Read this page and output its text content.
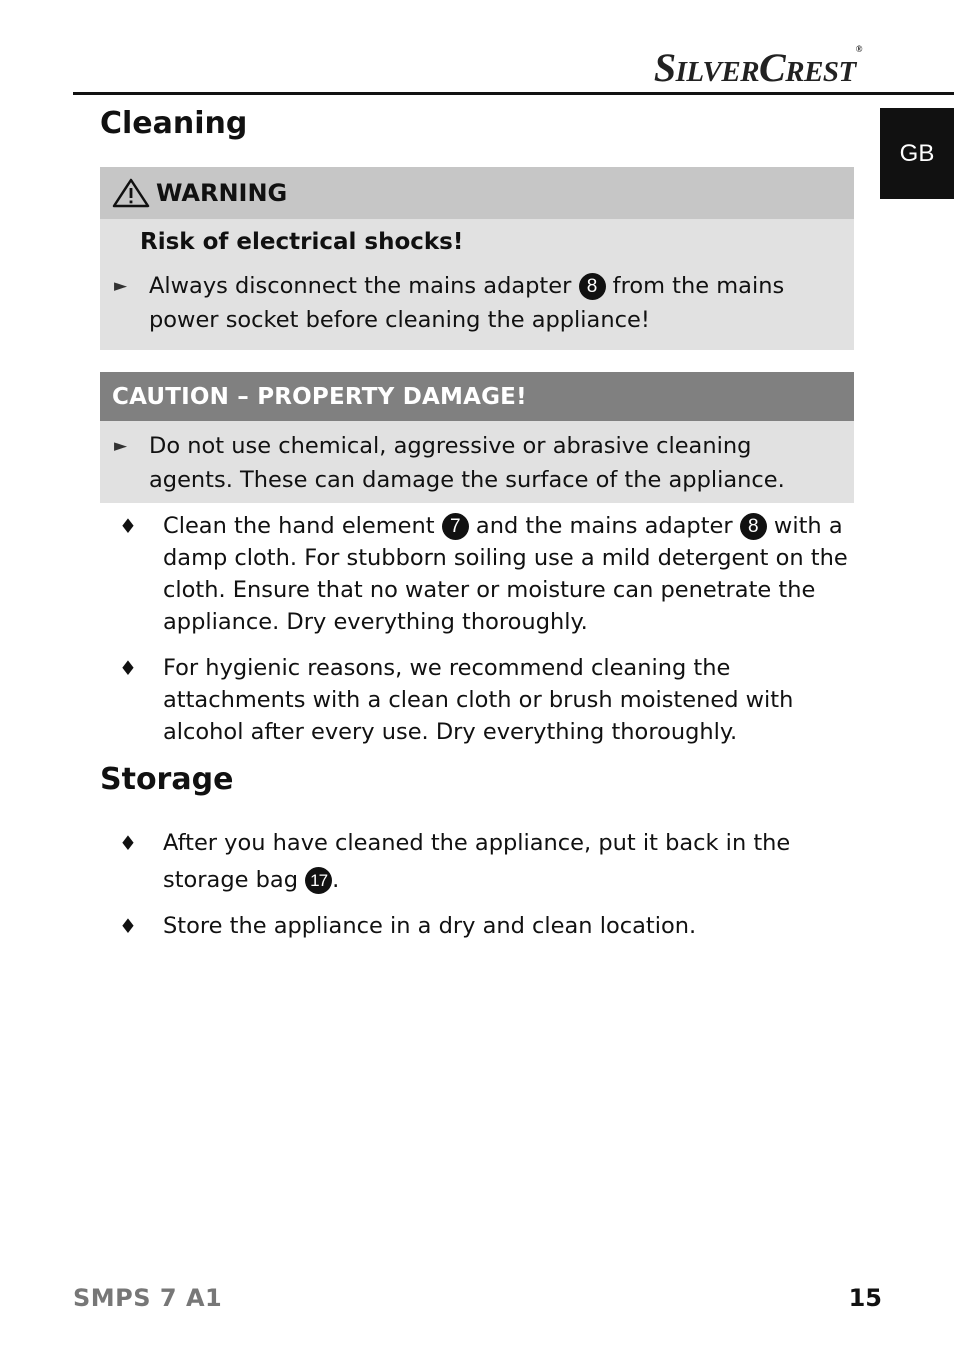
SILVERCREST®
GB
Cleaning
WARNING
Risk of electrical shocks!
► Always disconnect the mains adapter 8 from the mains power socket before cleaning the appliance!
CAUTION – PROPERTY DAMAGE!
► Do not use chemical, aggressive or abrasive cleaning agents. These can damage the surface of the appliance.
♦ Clean the hand element 7 and the mains adapter 8 with a damp cloth. For stubborn soiling use a mild detergent on the cloth. Ensure that no water or moisture can penetrate the appliance. Dry everything thoroughly.
♦ For hygienic reasons, we recommend cleaning the attachments with a clean cloth or brush moistened with alcohol after every use. Dry everything thoroughly.
Storage
♦ After you have cleaned the appliance, put it back in the storage bag 17 .
♦ Store the appliance in a dry and clean location.
SMPS 7 A1	15
